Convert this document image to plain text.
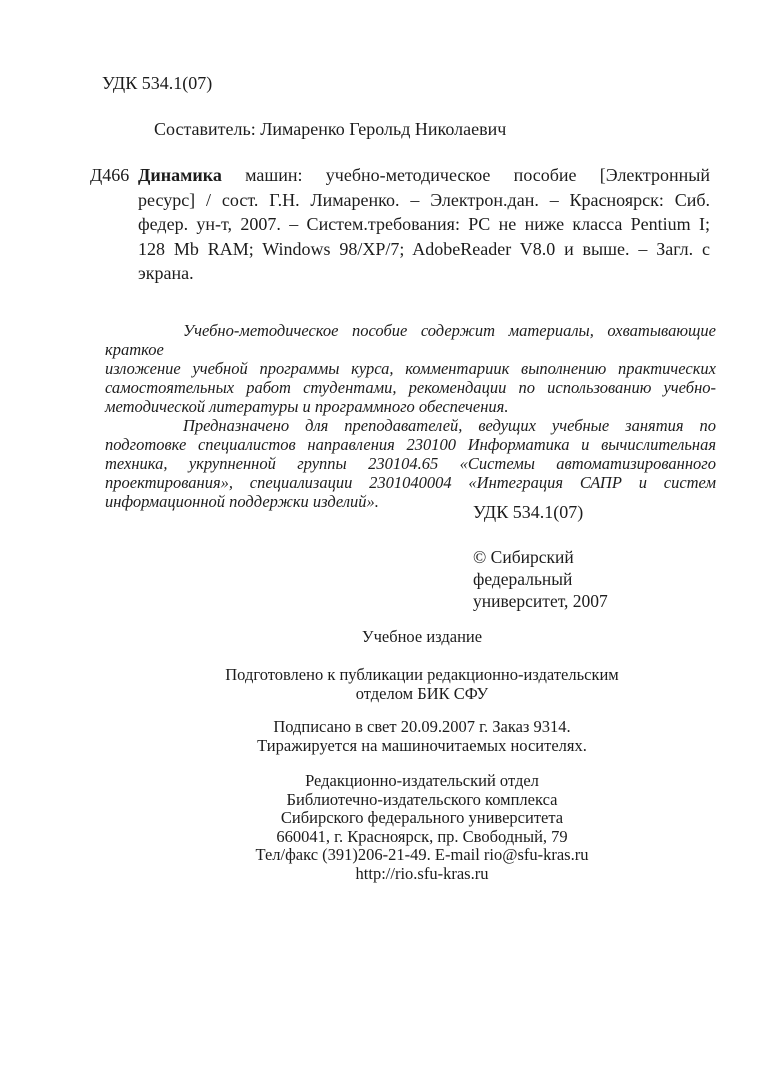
УДК 534.1(07)
Составитель: Лимаренко Герольд Николаевич
Д466 Динамика машин: учебно-методическое пособие [Электронный
ресурс] / сост. Г.Н. Лимаренко. – Электрон.дан. – Красноярск: Сиб.
федер. ун-т, 2007. – Систем.требования: PC не ниже класса Pentium I;
128 Mb RAM; Windows 98/XP/7; AdobeReader V8.0 и выше. – Загл. с
экрана.
Учебно-методическое пособие содержит материалы, охватывающие краткое
изложение учебной программы курса, комментариик выполнению практических
самостоятельных работ студентами, рекомендации по использованию учебно-
методической литературы и программного обеспечения.
Предназначено для преподавателей, ведущих учебные занятия по
подготовке специалистов направления 230100 Информатика и вычислительная
техника, укрупненной группы 230104.65 «Системы автоматизированного
проектирования», специализации 2301040004 «Интеграция САПР и систем
информационной поддержки изделий».
УДК 534.1(07)
© Сибирский
федеральный
университет, 2007
Учебное издание
Подготовлено к публикации редакционно-издательским
отделом БИК СФУ
Подписано в свет 20.09.2007 г. Заказ 9314.
Тиражируется на машиночитаемых носителях.
Редакционно-издательский отдел
Библиотечно-издательского комплекса
Сибирского федерального университета
660041, г. Красноярск, пр. Свободный, 79
Тел/факс (391)206-21-49. E-mail rio@sfu-kras.ru
http://rio.sfu-kras.ru
